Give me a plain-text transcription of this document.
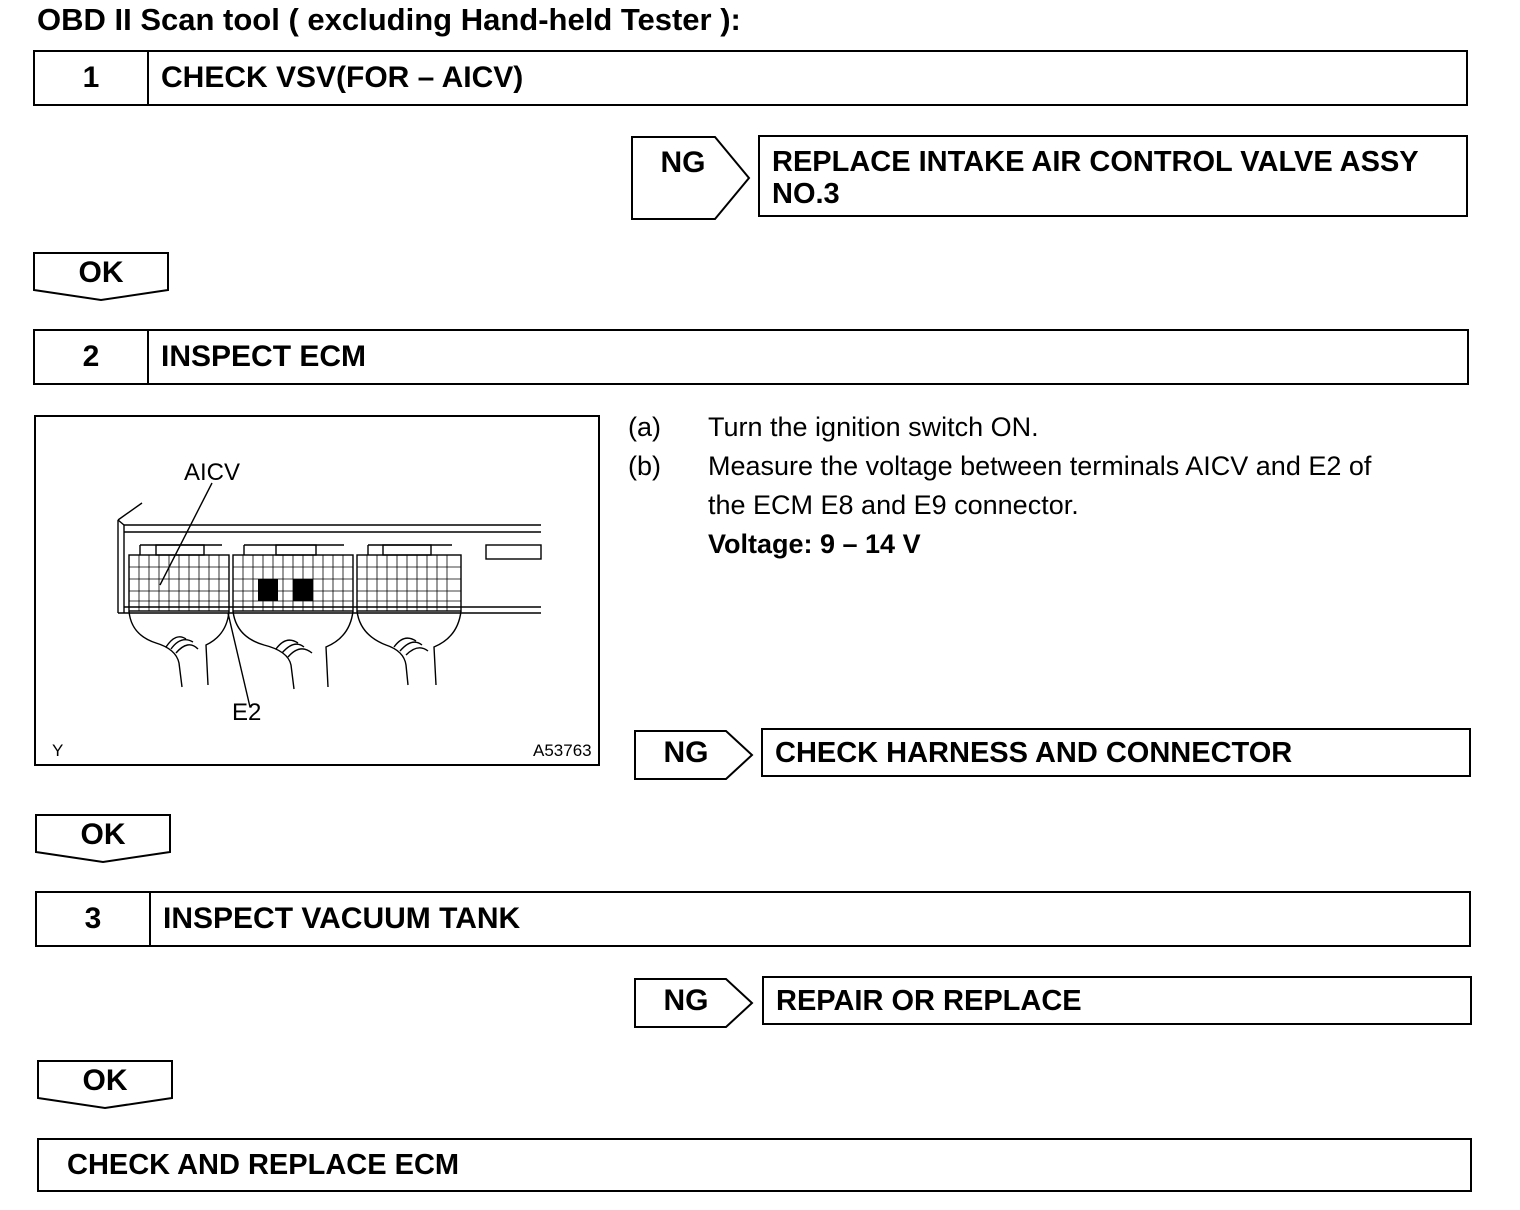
OBD II Scan tool ( excluding Hand-held Tester ):
1	CHECK VSV(FOR – AICV)
NG	REPLACE INTAKE AIR CONTROL VALVE ASSY
NO.3
OK
2	INSPECT ECM
AICV
E2
Y	A53763
(a) Turn the ignition switch ON.
(b) Measure the voltage between terminals AICV and E2 of
the ECM E8 and E9 connector.
Voltage: 9 – 14 V
NG	CHECK HARNESS AND CONNECTOR
OK
3	INSPECT VACUUM TANK
NG	REPAIR OR REPLACE
OK
CHECK AND REPLACE ECM
